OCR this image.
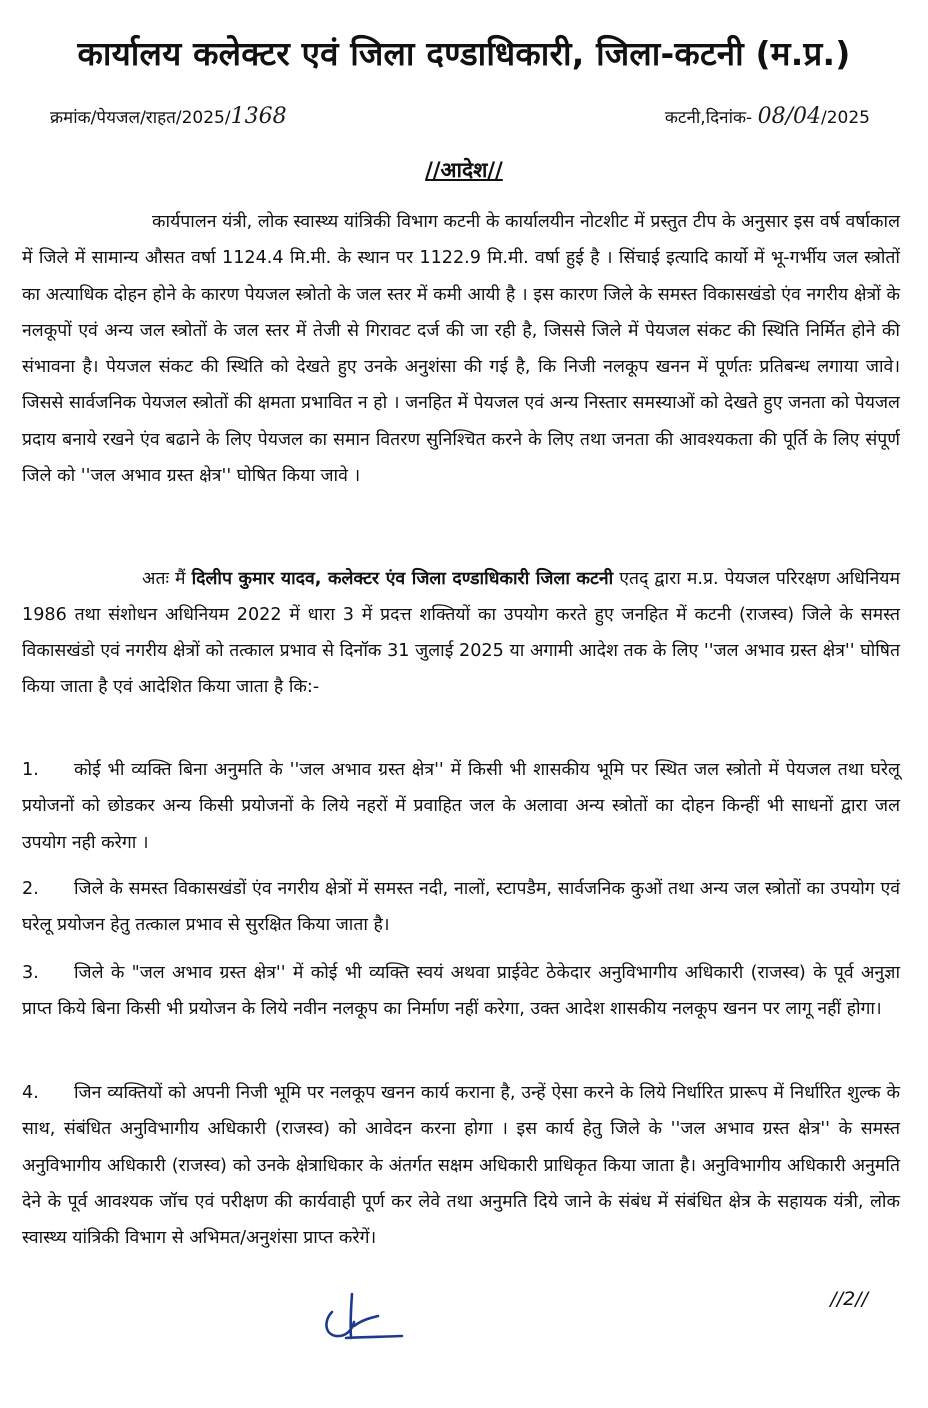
कार्यालय कलेक्टर एवं जिला दण्डाधिकारी, जिला-कटनी (म.प्र.)
क्रमांक/पेयजल/राहत/2025/1368	कटनी,दिनांक- 08/04/2025
//आदेश//
कार्यपालन यंत्री, लोक स्वास्थ्य यांत्रिकी विभाग कटनी के कार्यालयीन नोटशीट में प्रस्तुत टीप के अनुसार इस वर्ष वर्षाकाल में जिले में सामान्य औसत वर्षा 1124.4 मि.मी. के स्थान पर 1122.9 मि.मी. वर्षा हुई है । सिंचाई इत्यादि कार्यो में भू-गर्भीय जल स्त्रोतों का अत्याधिक दोहन होने के कारण पेयजल स्त्रोतो के जल स्तर में कमी आयी है । इस कारण जिले के समस्त विकासखंडो एंव नगरीय क्षेत्रों के नलकूपों एवं अन्य जल स्त्रोतों के जल स्तर में तेजी से गिरावट दर्ज की जा रही है, जिससे जिले में पेयजल संकट की स्थिति निर्मित होने की संभावना है। पेयजल संकट की स्थिति को देखते हुए उनके अनुशंसा की गई है, कि निजी नलकूप खनन में पूर्णतः प्रतिबन्ध लगाया जावे। जिससे सार्वजनिक पेयजल स्त्रोतों की क्षमता प्रभावित न हो । जनहित में पेयजल एवं अन्य निस्तार समस्याओं को देखते हुए जनता को पेयजल प्रदाय बनाये रखने एंव बढाने के लिए पेयजल का समान वितरण सुनिश्चित करने के लिए तथा जनता की आवश्यकता की पूर्ति के लिए संपूर्ण जिले को ''जल अभाव ग्रस्त क्षेत्र'' घोषित किया जावे ।
अतः मैं दिलीप कुमार यादव, कलेक्टर एंव जिला दण्डाधिकारी जिला कटनी एतद् द्वारा म.प्र. पेयजल परिरक्षण अधिनियम 1986 तथा संशोधन अधिनियम 2022 में धारा 3 में प्रदत्त शक्तियों का उपयोग करते हुए जनहित में कटनी (राजस्व) जिले के समस्त विकासखंडो एवं नगरीय क्षेत्रों को तत्काल प्रभाव से दिनॉक 31 जुलाई 2025 या अगामी आदेश तक के लिए ''जल अभाव ग्रस्त क्षेत्र'' घोषित किया जाता है एवं आदेशित किया जाता है कि:-
1. कोई भी व्यक्ति बिना अनुमति के ''जल अभाव ग्रस्त क्षेत्र'' में किसी भी शासकीय भूमि पर स्थित जल स्त्रोतो में पेयजल तथा घरेलू प्रयोजनों को छोडकर अन्य किसी प्रयोजनों के लिये नहरों में प्रवाहित जल के अलावा अन्य स्त्रोतों का दोहन किन्हीं भी साधनों द्वारा जल उपयोग नही करेगा ।
2. जिले के समस्त विकासखंडों एंव नगरीय क्षेत्रों में समस्त नदी, नालों, स्टापडैम, सार्वजनिक कुओं तथा अन्य जल स्त्रोतों का उपयोग एवं घरेलू प्रयोजन हेतु तत्काल प्रभाव से सुरक्षित किया जाता है।
3. जिले के "जल अभाव ग्रस्त क्षेत्र'' में कोई भी व्यक्ति स्वयं अथवा प्राईवेट ठेकेदार अनुविभागीय अधिकारी (राजस्व) के पूर्व अनुज्ञा प्राप्त किये बिना किसी भी प्रयोजन के लिये नवीन नलकूप का निर्माण नहीं करेगा, उक्त आदेश शासकीय नलकूप खनन पर लागू नहीं होगा।
4. जिन व्यक्तियों को अपनी निजी भूमि पर नलकूप खनन कार्य कराना है, उन्हें ऐसा करने के लिये निर्धारित प्रारूप में निर्धारित शुल्क के साथ, संबंधित अनुविभागीय अधिकारी (राजस्व) को आवेदन करना होगा । इस कार्य हेतु जिले के ''जल अभाव ग्रस्त क्षेत्र'' के समस्त अनुविभागीय अधिकारी (राजस्व) को उनके क्षेत्राधिकार के अंतर्गत सक्षम अधिकारी प्राधिकृत किया जाता है। अनुविभागीय अधिकारी अनुमति देने के पूर्व आवश्यक जॉच एवं परीक्षण की कार्यवाही पूर्ण कर लेवे तथा अनुमति दिये जाने के संबंध में संबंधित क्षेत्र के सहायक यंत्री, लोक स्वास्थ्य यांत्रिकी विभाग से अभिमत/अनुशंसा प्राप्त करेगें।
//2//
